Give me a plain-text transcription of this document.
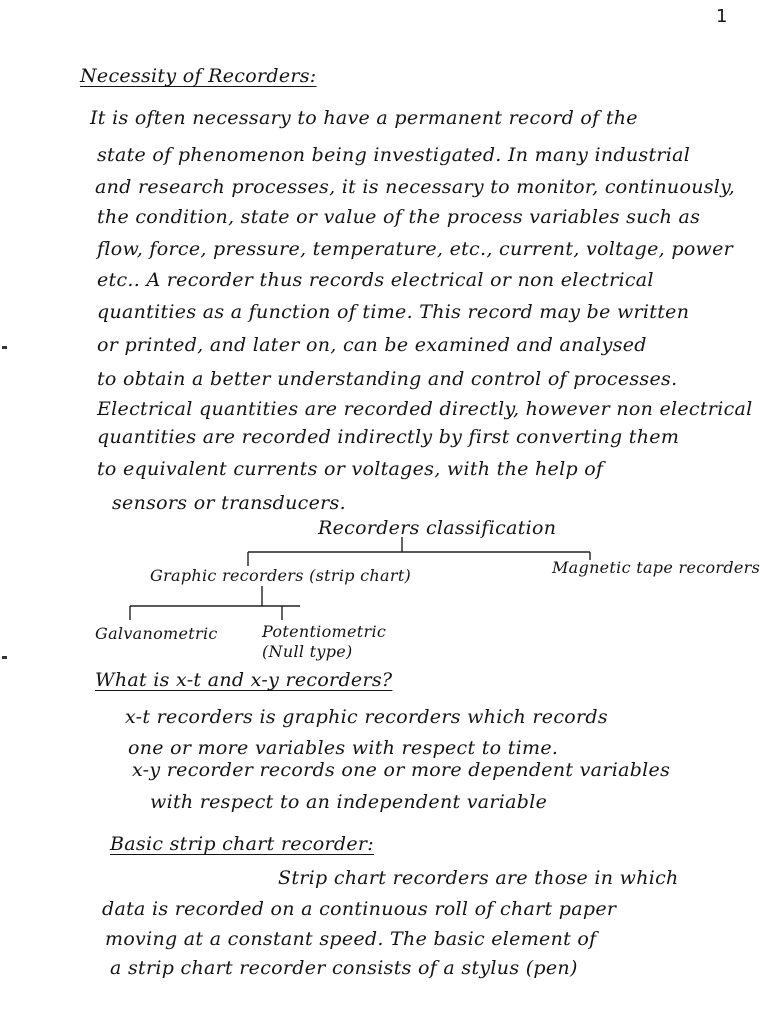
1
Necessity of Recorders:
It is often necessary to have a permanent record of the
state of phenomenon being investigated. In many industrial
and research processes, it is necessary to monitor, continuously,
the condition, state or value of the process variables such as
flow, force, pressure, temperature, etc., current, voltage, power
etc.. A recorder thus records electrical or non electrical
quantities as a function of time. This record may be written
or printed, and later on, can be examined and analysed
to obtain a better understanding and control of processes.
Electrical quantities are recorded directly, however non electrical
quantities are recorded indirectly by first converting them
to equivalent currents or voltages, with the help of
sensors or transducers.
Recorders classification
Graphic recorders (strip chart)	Magnetic tape recorders
Galvanometric	Potentiometric
(Null type)
What is x-t and x-y recorders?
x-t recorders is graphic recorders which records
one or more variables with respect to time.
x-y recorder records one or more dependent variables
with respect to an independent variable
Basic strip chart recorder:
Strip chart recorders are those in which
data is recorded on a continuous roll of chart paper
moving at a constant speed. The basic element of
a strip chart recorder consists of a stylus (pen)
